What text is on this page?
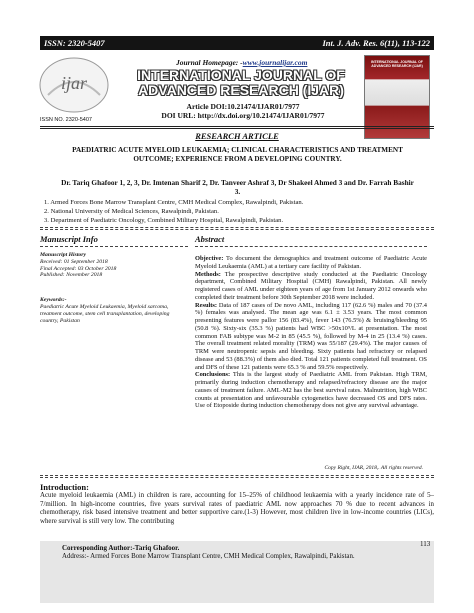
ISSN: 2320-5407	Int. J. Adv. Res. 6(11), 113-122
ijar
ISSN NO. 2320-5407
INTERNATIONAL JOURNAL OF ADVANCED RESEARCH (IJAR)
Journal Homepage: -www.journalijar.com
INTERNATIONAL JOURNAL OF
ADVANCED RESEARCH (IJAR)
Article DOI:10.21474/IJAR01/7977
DOI URL: http://dx.doi.org/10.21474/IJAR01/7977
RESEARCH ARTICLE
PAEDIATRIC ACUTE MYELOID LEUKAEMIA; CLINICAL CHARACTERISTICS AND TREATMENT OUTCOME; EXPERIENCE FROM A DEVELOPING COUNTRY.
Dr. Tariq Ghafoor 1, 2, 3, Dr. Imtenan Sharif 2, Dr. Tanveer Ashraf 3, Dr Shakeel Ahmed 3 and Dr. Farrah Bashir 3.
1. Armed Forces Bone Marrow Transplant Centre, CMH Medical Complex, Rawalpindi, Pakistan.
2. National University of Medical Sciences, Rawalpindi, Pakistan.
3. Department of Paediatric Oncology, Combined Military Hospital, Rawalpindi, Pakistan.
Manuscript Info	Abstract
Manuscript History
Received: 01 September 2018
Final Accepted: 03 October 2018
Published: November 2018
Keywords:-
Paediatric Acute Myeloid Leukaemia, Myeloid sarcoma, treatment outcome, stem cell transplantation, developing country, Pakistan

Objective: To document the demographics and treatment outcome of Paediatric Acute Myeloid Leukaemia (AML) at a tertiary care facility of Pakistan.

Methods: The prospective descriptive study conducted at the Paediatric Oncology department, Combined Military Hospital (CMH) Rawalpindi, Pakistan. All newly registered cases of AML under eighteen years of age from 1st January 2012 onwards who completed their treatment before 30th September 2018 were included.

Results: Data of 187 cases of De novo AML, including 117 (62.6 %) males and 70 (37.4 %) females was analysed. The mean age was 6.1 ± 3.53 years. The most common presenting features were pallor 156 (83.4%), fever 143 (76.5%) & bruising/bleeding 95 (50.8 %). Sixty-six (35.3 %) patients had WBC >50x10⁹/L at presentation. The most common FAB subtype was M-2 in 85 (45.5 %), followed by M-4 in 25 (13.4 %) cases. The overall treatment related morality (TRM) was 55/187 (29.4%). The major causes of TRM were neutropenic sepsis and bleeding. Sixty patients had refractory or relapsed disease and 53 (88.3%) of them also died. Total 121 patients completed full treatment. OS and DFS of these 121 patients were 65.3 % and 59.5% respectively.

Conclusions: This is the largest study of Paediatric AML from Pakistan. High TRM, primarily during induction chemotherapy and relapsed/refractory disease are the major causes of treatment failure. AML-M2 has the best survival rates. Malnutrition, high WBC counts at presentation and unfavourable cytogenetics have decreased OS and DFS rates. Use of Etoposide during induction chemotherapy does not give any survival advantage.

Copy Right, IJAR, 2018,. All rights reserved.
Introduction:
Acute myeloid leukaemia (AML) in children is rare, accounting for 15–25% of childhood leukaemia with a yearly incidence rate of 5–7/million. In high-income countries, five years survival rates of paediatric AML now approaches 70 % due to recent advances in chemotherapy, risk based intensive treatment and better supportive care.(1-3) However, most children live in low-income countries (LICs), where survival is still very low. The contributing
Corresponding Author:-Tariq Ghafoor.
Address:- Armed Forces Bone Marrow Transplant Centre, CMH Medical Complex, Rawalpindi, Pakistan.
113
